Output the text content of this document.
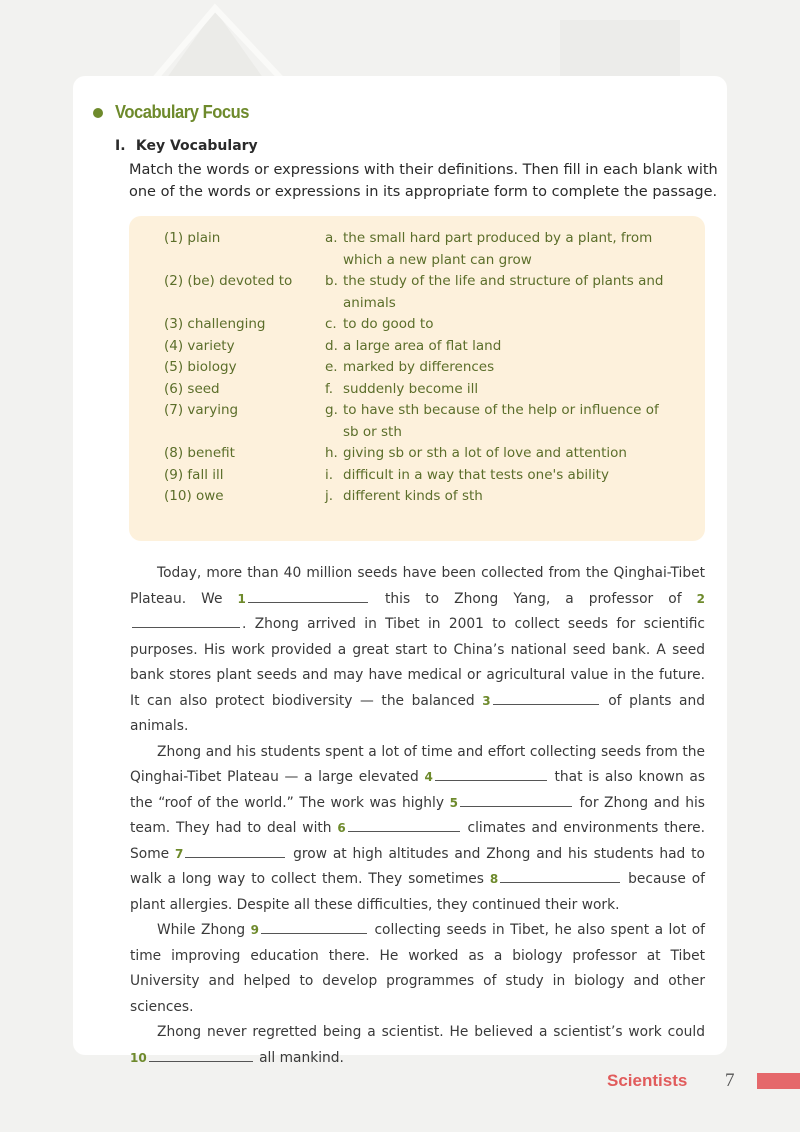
Vocabulary Focus
I. Key Vocabulary
Match the words or expressions with their definitions. Then fill in each blank with one of the words or expressions in its appropriate form to complete the passage.
(1) plain	a. the small hard part produced by a plant, from which a new plant can grow
(2) (be) devoted to b. the study of the life and structure of plants and animals
(3) challenging	c. to do good to
(4) variety	d. a large area of flat land
(5) biology	e. marked by differences
(6) seed	f. suddenly become ill
(7) varying	g. to have sth because of the help or influence of sb or sth
(8) benefit	h. giving sb or sth a lot of love and attention
(9) fall ill	i. difficult in a way that tests one's ability
(10) owe	j. different kinds of sth

Today, more than 40 million seeds have been collected from the Qinghai-Tibet Plateau. We 1	this to Zhong Yang, a professor of 2. Zhong arrived in Tibet in 2001 to collect seeds for scientific purposes. His work provided a great start to China’s national seed bank. A seed bank stores plant seeds and may have medical or agricultural value in the future. It can also protect biodiversity — the balanced 3	of plants and animals.

Zhong and his students spent a lot of time and effort collecting seeds from the Qinghai-Tibet Plateau — a large elevated 4	that is also known as the “roof of the world.” The work was highly 5	for Zhong and his team. They had to deal with 6	climates and environments there. Some 7	grow at high altitudes and Zhong and his students had to walk a long way to collect them. They sometimes 8	because of plant allergies. Despite all these difficulties, they continued their work.

While Zhong 9	collecting seeds in Tibet, he also spent a lot of time improving education there. He worked as a biology professor at Tibet University and helped to develop programmes of study in biology and other sciences.

Zhong never regretted being a scientist. He believed a scientist’s work could 10	all mankind.

Scientists 7
